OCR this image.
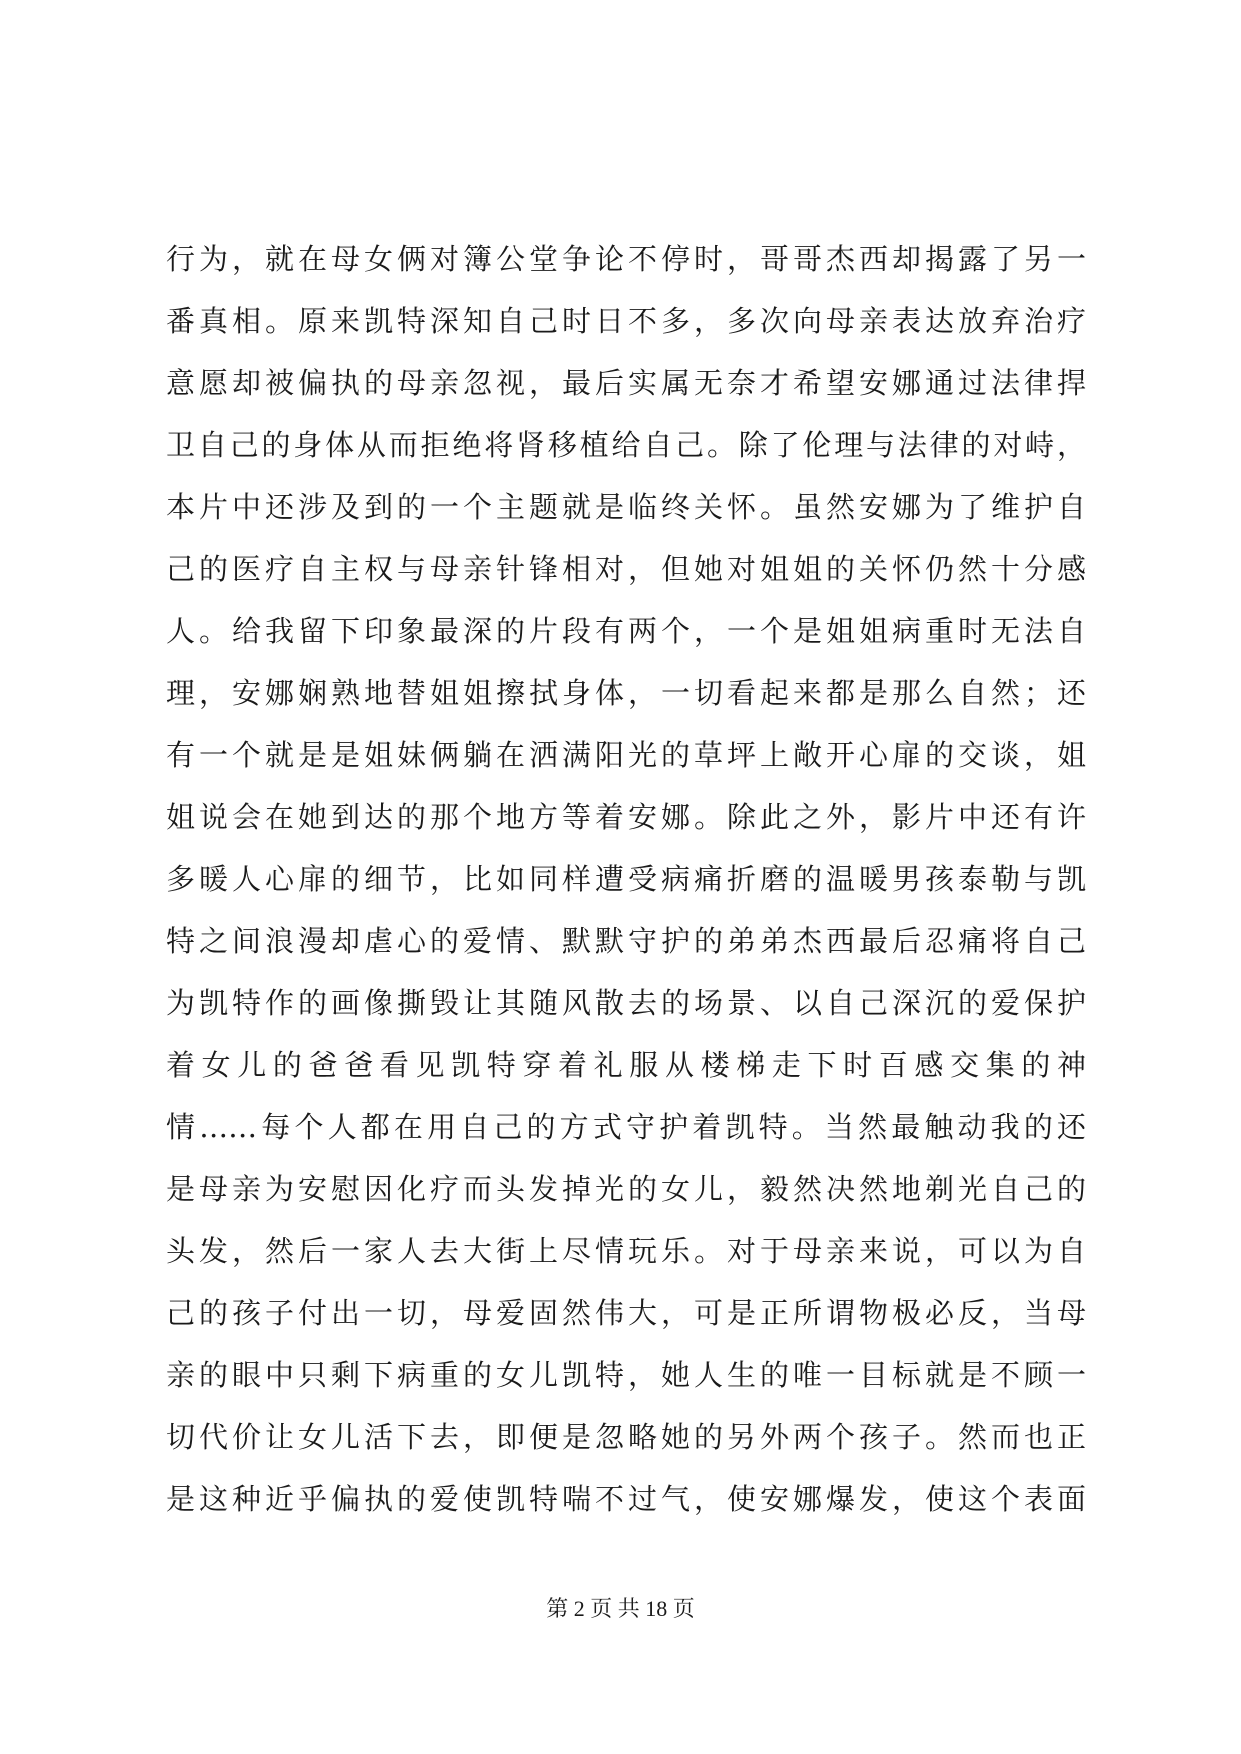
行为，就在母女俩对簿公堂争论不停时，哥哥杰西却揭露了另一
番真相。原来凯特深知自己时日不多，多次向母亲表达放弃治疗
意愿却被偏执的母亲忽视，最后实属无奈才希望安娜通过法律捍
卫自己的身体从而拒绝将肾移植给自己。除了伦理与法律的对峙，
本片中还涉及到的一个主题就是临终关怀。虽然安娜为了维护自
己的医疗自主权与母亲针锋相对，但她对姐姐的关怀仍然十分感
人。给我留下印象最深的片段有两个，一个是姐姐病重时无法自
理，安娜娴熟地替姐姐擦拭身体，一切看起来都是那么自然；还
有一个就是是姐妹俩躺在洒满阳光的草坪上敞开心扉的交谈，姐
姐说会在她到达的那个地方等着安娜。除此之外，影片中还有许
多暖人心扉的细节，比如同样遭受病痛折磨的温暖男孩泰勒与凯
特之间浪漫却虐心的爱情、默默守护的弟弟杰西最后忍痛将自己
为凯特作的画像撕毁让其随风散去的场景、以自己深沉的爱保护
着女儿的爸爸看见凯特穿着礼服从楼梯走下时百感交集的神
情……每个人都在用自己的方式守护着凯特。当然最触动我的还
是母亲为安慰因化疗而头发掉光的女儿，毅然决然地剃光自己的
头发，然后一家人去大街上尽情玩乐。对于母亲来说，可以为自
己的孩子付出一切，母爱固然伟大，可是正所谓物极必反，当母
亲的眼中只剩下病重的女儿凯特，她人生的唯一目标就是不顾一
切代价让女儿活下去，即便是忽略她的另外两个孩子。然而也正
是这种近乎偏执的爱使凯特喘不过气，使安娜爆发，使这个表面
第 2 页 共 18 页
